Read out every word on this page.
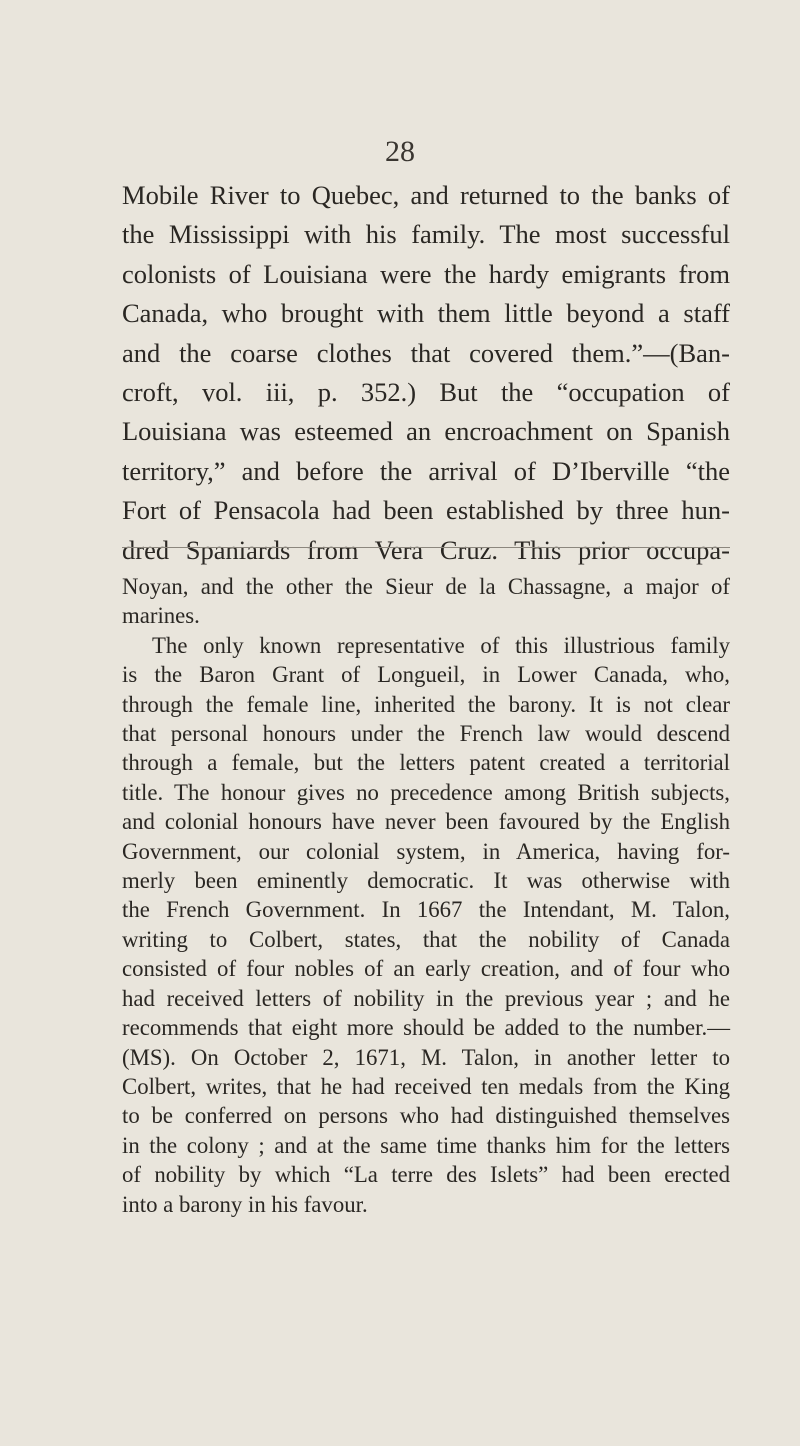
28
Mobile River to Quebec, and returned to the banks of
the Mississippi with his family. The most successful
colonists of Louisiana were the hardy emigrants from
Canada, who brought with them little beyond a staff
and the coarse clothes that covered them.”—(Ban-
croft, vol. iii, p. 352.) But the “occupation of
Louisiana was esteemed an encroachment on Spanish
territory,” and before the arrival of D’Iberville “the
Fort of Pensacola had been established by three hun-
dred Spaniards from Vera Cruz. This prior occupa-
Noyan, and the other the Sieur de la Chassagne, a major of
marines.
The only known representative of this illustrious family
is the Baron Grant of Longueil, in Lower Canada, who,
through the female line, inherited the barony. It is not clear
that personal honours under the French law would descend
through a female, but the letters patent created a territorial
title. The honour gives no precedence among British subjects,
and colonial honours have never been favoured by the English
Government, our colonial system, in America, having for-
merly been eminently democratic. It was otherwise with
the French Government. In 1667 the Intendant, M. Talon,
writing to Colbert, states, that the nobility of Canada
consisted of four nobles of an early creation, and of four who
had received letters of nobility in the previous year ; and he
recommends that eight more should be added to the number.—
(MS). On October 2, 1671, M. Talon, in another letter to
Colbert, writes, that he had received ten medals from the King
to be conferred on persons who had distinguished themselves
in the colony ; and at the same time thanks him for the letters
of nobility by which “La terre des Islets” had been erected
into a barony in his favour.
